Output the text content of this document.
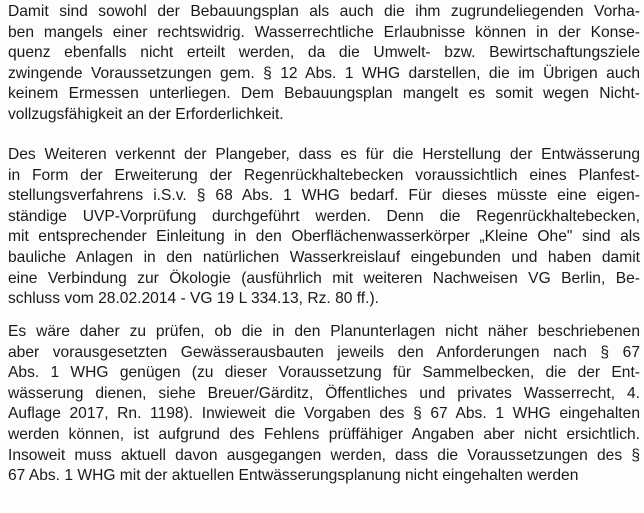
Damit sind sowohl der Bebauungsplan als auch die ihm zugrundeliegenden Vorha-
ben mangels einer rechtswidrig. Wasserrechtliche Erlaubnisse können in der Konse-
quenz ebenfalls nicht erteilt werden, da die Umwelt- bzw. Bewirtschaftungsziele
zwingende Voraussetzungen gem. § 12 Abs. 1 WHG darstellen, die im Übrigen auch
keinem Ermessen unterliegen. Dem Bebauungsplan mangelt es somit wegen Nicht-
vollzugsfähigkeit an der Erforderlichkeit.
Des Weiteren verkennt der Plangeber, dass es für die Herstellung der Entwässerung
in Form der Erweiterung der Regenrückhaltebecken voraussichtlich eines Planfest-
stellungsverfahrens i.S.v. § 68 Abs. 1 WHG bedarf. Für dieses müsste eine eigen-
ständige UVP-Vorprüfung durchgeführt werden. Denn die Regenrückhaltebecken,
mit entsprechender Einleitung in den Oberflächenwasserkörper „Kleine Ohe" sind als
bauliche Anlagen in den natürlichen Wasserkreislauf eingebunden und haben damit
eine Verbindung zur Ökologie (ausführlich mit weiteren Nachweisen VG Berlin, Be-
schluss vom 28.02.2014 - VG 19 L 334.13, Rz. 80 ff.).
Es wäre daher zu prüfen, ob die in den Planunterlagen nicht näher beschriebenen
aber vorausgesetzten Gewässerausbauten jeweils den Anforderungen nach § 67
Abs. 1 WHG genügen (zu dieser Voraussetzung für Sammelbecken, die der Ent-
wässerung dienen, siehe Breuer/Gärditz, Öffentliches und privates Wasserrecht, 4.
Auflage 2017, Rn. 1198). Inwieweit die Vorgaben des § 67 Abs. 1 WHG eingehalten
werden können, ist aufgrund des Fehlens prüffähiger Angaben aber nicht ersichtlich.
Insoweit muss aktuell davon ausgegangen werden, dass die Voraussetzungen des §
67 Abs. 1 WHG mit der aktuellen Entwässerungsplanung nicht eingehalten werden
